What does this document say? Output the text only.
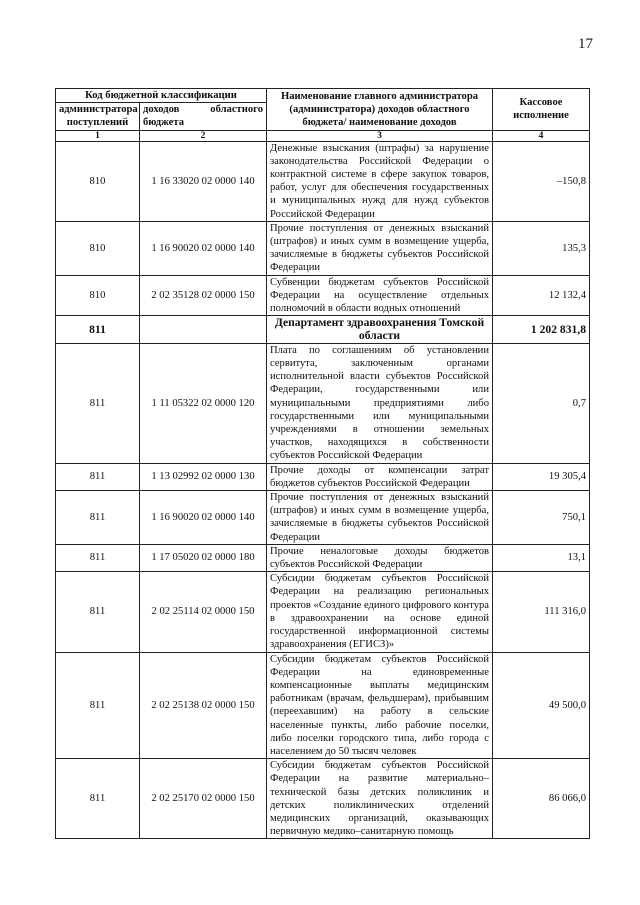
17
Код бюджетной классификации		Наименование главного администратора (администратора) доходов областного бюджета/ наименование доходов	Кассовое исполнение
администратора поступлений	доходов областного
бюджета		

1	2	3	4
810	1 16 33020 02 0000 140	Денежные взыскания (штрафы) за нарушение законодательства Российской Федерации о контрактной системе в сфере закупок товаров, работ, услуг для обеспечения государственных и муниципальных нужд для нужд субъектов Российской Федерации	–150,8
810	1 16 90020 02 0000 140	Прочие поступления от денежных взысканий (штрафов) и иных сумм в возмещение ущерба, зачисляемые в бюджеты субъектов Российской Федерации	135,3
810	2 02 35128 02 0000 150	Субвенции бюджетам субъектов Российской Федерации на осуществление отдельных полномочий в области водных отношений	12 132,4
811		Департамент здравоохранения Томской области	1 202 831,8
811	1 11 05322 02 0000 120	Плата по соглашениям об установлении сервитута, заключенным органами исполнительной власти субъектов Российской Федерации, государственными или муниципальными предприятиями либо государственными или муниципальными учреждениями в отношении земельных участков, находящихся в собственности субъектов Российской Федерации	0,7
811	1 13 02992 02 0000 130	Прочие доходы от компенсации затрат бюджетов субъектов Российской Федерации	19 305,4
811	1 16 90020 02 0000 140	Прочие поступления от денежных взысканий (штрафов) и иных сумм в возмещение ущерба, зачисляемые в бюджеты субъектов Российской Федерации	750,1
811	1 17 05020 02 0000 180	Прочие неналоговые доходы бюджетов субъектов Российской Федерации	13,1
811	2 02 25114 02 0000 150	Субсидии бюджетам субъектов Российской Федерации на реализацию региональных проектов «Создание единого цифрового контура в здравоохранении на основе единой государственной информационной системы здравоохранения (ЕГИСЗ)»	111 316,0
811	2 02 25138 02 0000 150	Субсидии бюджетам субъектов Российской Федерации на единовременные компенсационные выплаты медицинским работникам (врачам, фельдшерам), прибывшим (переехавшим) на работу в сельские населенные пункты, либо рабочие поселки, либо поселки городского типа, либо города с населением до 50 тысяч человек	49 500,0
811	2 02 25170 02 0000 150	Субсидии бюджетам субъектов Российской Федерации на развитие материально–технической базы детских поликлиник и детских поликлинических отделений медицинских организаций, оказывающих первичную медико–санитарную помощь	86 066,0
